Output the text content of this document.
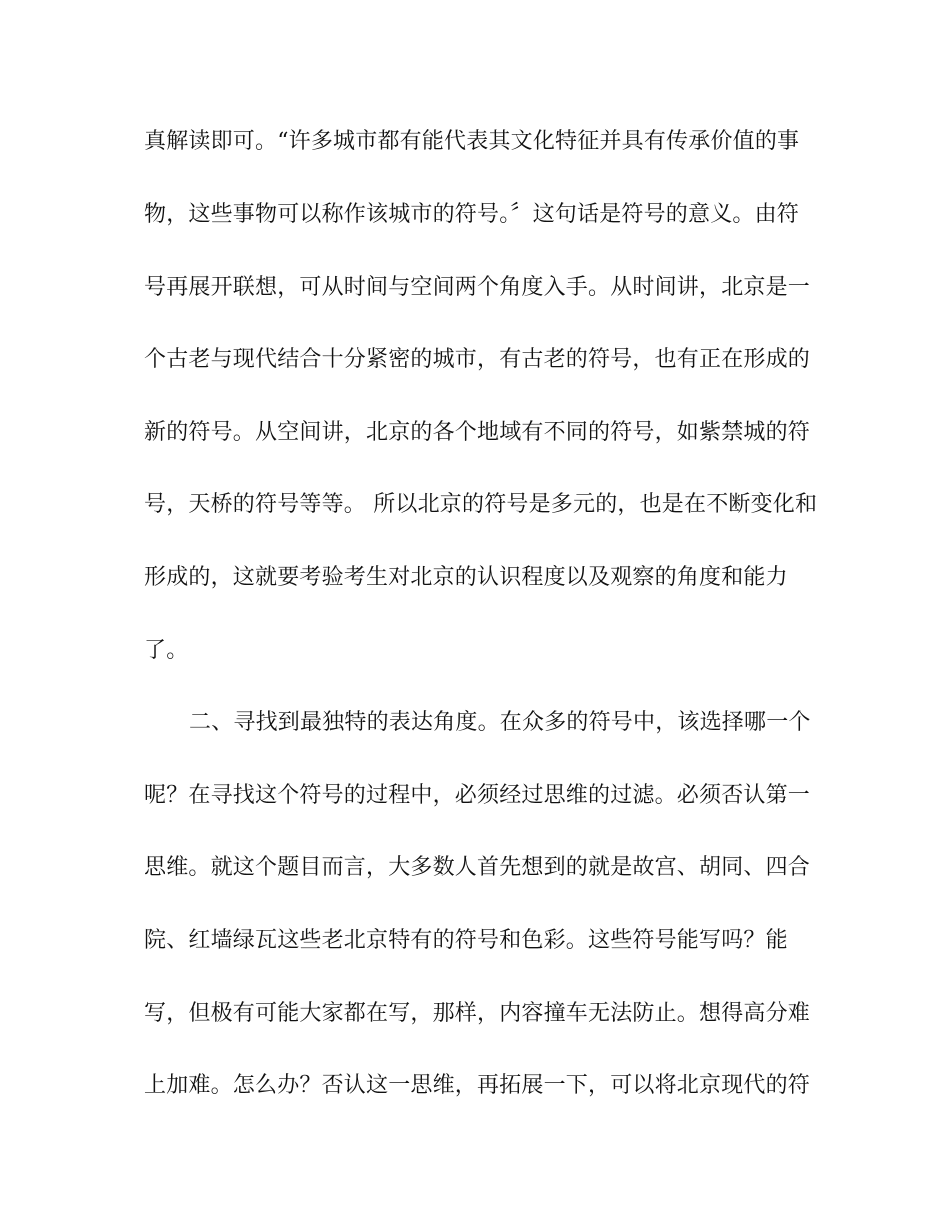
真解读即可。“许多城市都有能代表其文化特征并具有传承价值的事
物，这些事物可以称作该城市的符号。〞这句话是符号的意义。由符
号再展开联想，可从时间与空间两个角度入手。从时间讲，北京是一
个古老与现代结合十分紧密的城市，有古老的符号，也有正在形成的
新的符号。从空间讲，北京的各个地域有不同的符号，如紫禁城的符
号，天桥的符号等等。 所以北京的符号是多元的，也是在不断变化和
形成的，这就要考验考生对北京的认识程度以及观察的角度和能力
了。
二、寻找到最独特的表达角度。在众多的符号中，该选择哪一个
呢？在寻找这个符号的过程中，必须经过思维的过滤。必须否认第一
思维。就这个题目而言，大多数人首先想到的就是故宫、胡同、四合
院、红墙绿瓦这些老北京特有的符号和色彩。这些符号能写吗？能
写，但极有可能大家都在写，那样，内容撞车无法防止。想得高分难
上加难。怎么办？否认这一思维，再拓展一下，可以将北京现代的符
